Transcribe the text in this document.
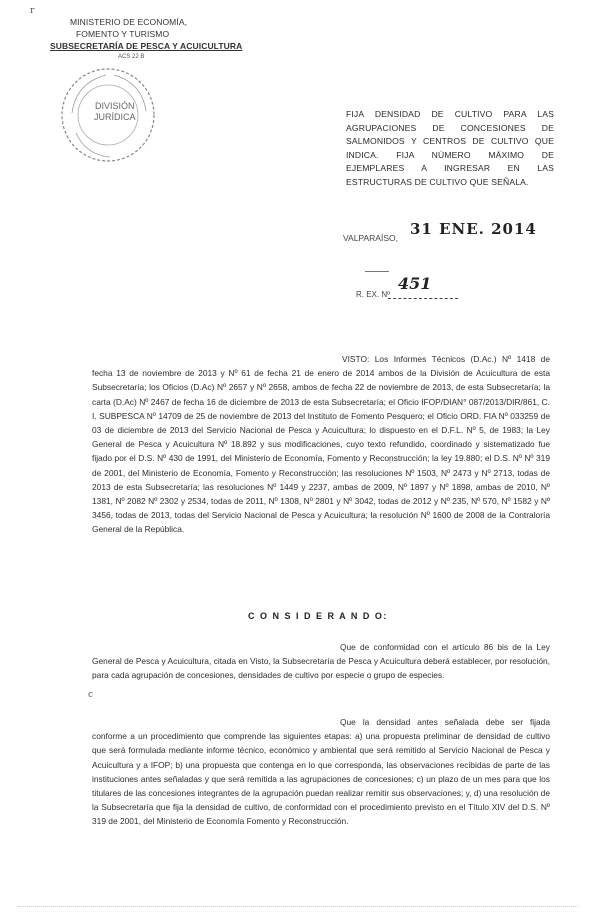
r
MINISTERIO DE ECONOMÍA,
FOMENTO Y TURISMO
SUBSECRETARÍA DE PESCA Y ACUICULTURA
ACS 22 B
DIVISIÓN
JURÍDICA	FIJA DENSIDAD DE CULTIVO PARA LAS AGRUPACIONES DE CONCESIONES DE SALMONIDOS Y CENTROS DE CULTIVO QUE INDICA. FIJA NÚMERO MÁXIMO DE EJEMPLARES A INGRESAR EN LAS ESTRUCTURAS DE CULTIVO QUE SEÑALA.
VALPARAÍSO, 31 ENE. 2014
R. EX. Nº
451
VISTO: Los Informes Técnicos (D.Ac.) Nº 1418 de fecha 13 de noviembre de 2013 y Nº 61 de fecha 21 de enero de 2014 ambos de la División de Acuicultura de esta Subsecretaría; los Oficios (D.Ac) Nº 2657 y Nº 2658, ambos de fecha 22 de noviembre de 2013, de esta Subsecretaría; la carta (D.Ac) Nº 2467 de fecha 16 de diciembre de 2013 de esta Subsecretaría; el Oficio IFOP/DIAN° 087/2013/DIR/861, C. I. SUBPESCA Nº 14709 de 25 de noviembre de 2013 del Instituto de Fomento Pesquero; el Oficio ORD. FIA Nº 033259 de 03 de diciembre de 2013 del Servicio Nacional de Pesca y Acuicultura; lo dispuesto en el D.F.L. Nº 5, de 1983; la Ley General de Pesca y Acuicultura Nº 18.892 y sus modificaciones, cuyo texto refundido, coordinado y sistematizado fue fijado por el D.S. Nº 430 de 1991, del Ministerio de Economía, Fomento y Reconstrucción; la ley 19.880; el D.S. Nº Nº 319 de 2001, del Ministerio de Economía, Fomento y Reconstrucción; las resoluciones Nº 1503, Nº 2473 y Nº 2713, todas de 2013 de esta Subsecretaría; las resoluciones Nº 1449 y 2237, ambas de 2009, Nº 1897 y Nº 1898, ambas de 2010, Nº 1381, Nº 2082 Nº 2302 y 2534, todas de 2011, Nº 1308, Nº 2801 y Nº 3042, todas de 2012 y Nº 235, Nº 570, Nº 1582 y Nº 3456, todas de 2013, todas del Servicio Nacional de Pesca y Acuicultura; la resolución Nº 1600 de 2008 de la Contraloría General de la República.
C O N S I D E R A N D O:
Que de conformidad con el artículo 86 bis de la Ley General de Pesca y Acuicultura, citada en Visto, la Subsecretaría de Pesca y Acuicultura deberá establecer, por resolución, para cada agrupación de concesiones, densidades de cultivo por especie o grupo de especies.
Que la densidad antes señalada debe ser fijada conforme a un procedimiento que comprende las siguientes etapas: a) una propuesta preliminar de densidad de cultivo que será formulada mediante informe técnico, económico y ambiental que será remitido al Servicio Nacional de Pesca y Acuicultura y a IFOP; b) una propuesta que contenga en lo que corresponda, las observaciones recibidas de parte de las instituciones antes señaladas y que será remitida a las agrupaciones de concesiones; c) un plazo de un mes para que los titulares de las concesiones integrantes de la agrupación puedan realizar remitir sus observaciones; y, d) una resolución de la Subsecretaría que fija la densidad de cultivo, de conformidad con el procedimiento previsto en el Título XIV del D.S. Nº 319 de 2001, del Ministerio de Economía Fomento y Reconstrucción.
c
